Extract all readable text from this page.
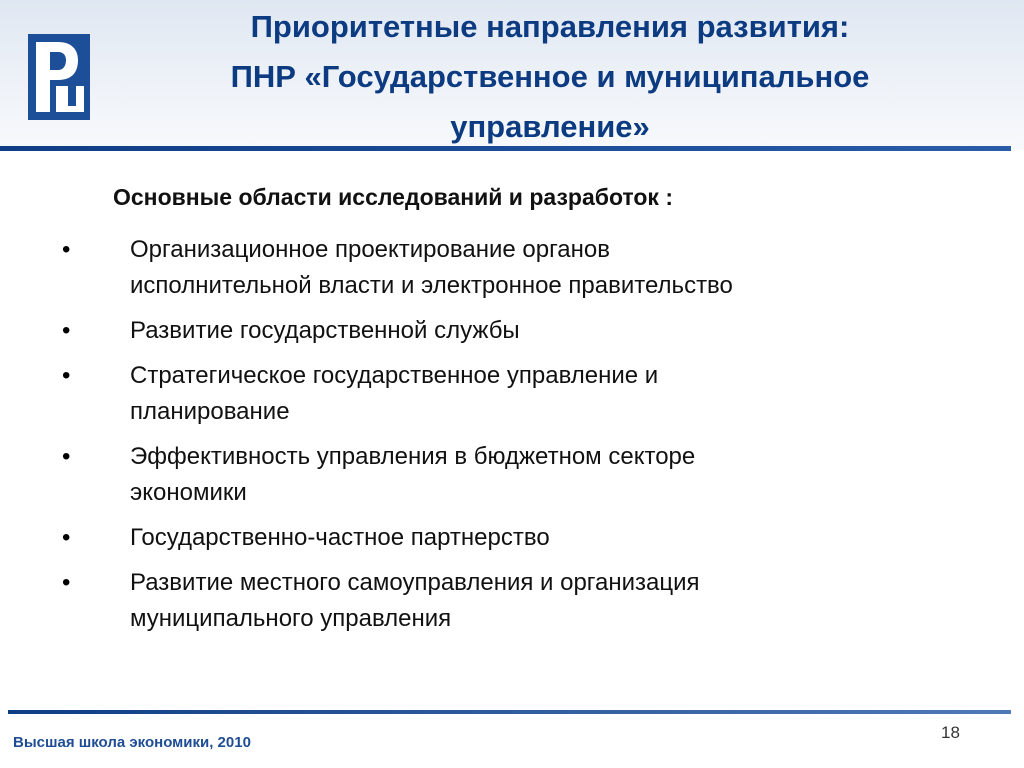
Приоритетные направления развития:
ПНР «Государственное и муниципальное
управление»
Основные области исследований и разработок :
• Организационное проектирование органов
исполнительной власти и электронное правительство
• Развитие государственной службы
• Стратегическое государственное управление и
планирование
• Эффективность управления в бюджетном секторе
экономики
• Государственно-частное партнерство
• Развитие местного самоуправления и организация
муниципального управления
Высшая школа экономики, 2010
18
